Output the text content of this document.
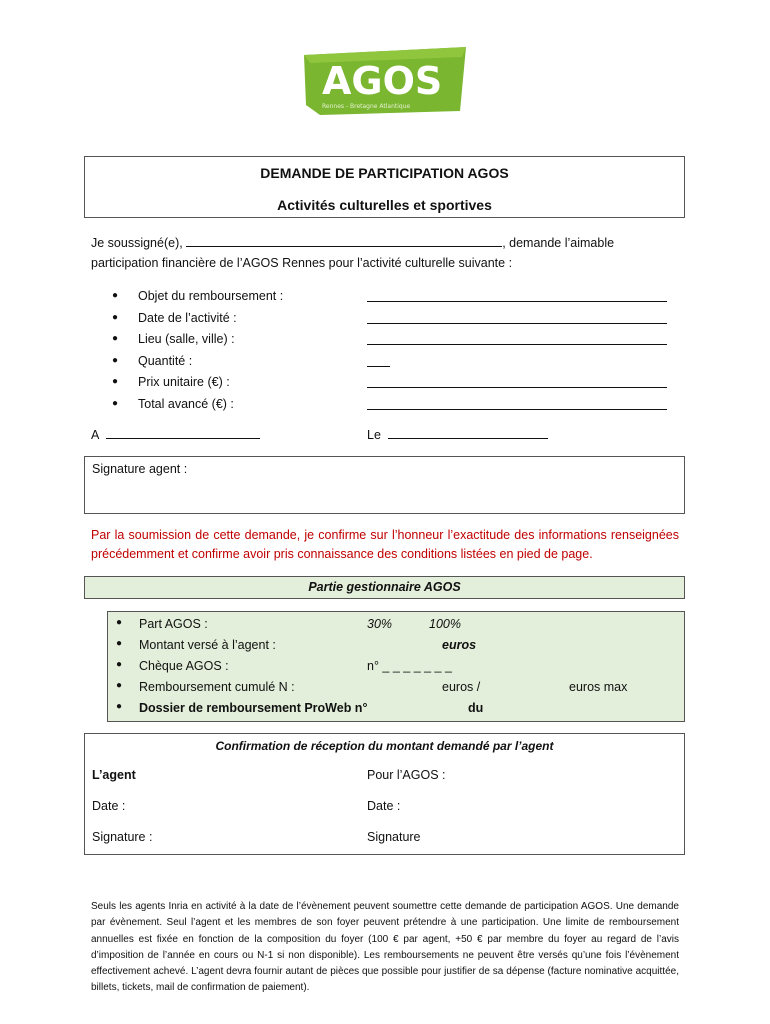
AGOS
Rennes - Bretagne Atlantique
DEMANDE DE PARTICIPATION AGOS
Activités culturelles et sportives
Je soussigné(e),	, demande l’aimable
participation financière de l’AGOS Rennes pour l’activité culturelle suivante :
● Objet du remboursement :
● Date de l’activité :
● Lieu (salle, ville) :
● Quantité :
● Prix unitaire (€) :
● Total avancé (€) :
A	Le
Signature agent :
Par la soumission de cette demande, je confirme sur l’honneur l’exactitude des informations renseignées précédemment et confirme avoir pris connaissance des conditions listées en pied de page.
Partie gestionnaire AGOS
● Part AGOS :	30%	100%
● Montant versé à l’agent :	euros
● Chèque AGOS :	n° _ _ _ _ _ _ _
● Remboursement cumulé N :	euros /	euros max
● Dossier de remboursement ProWeb n°	du
Confirmation de réception du montant demandé par l’agent
L’agent	Pour l’AGOS :
Date :	Date :
Signature :	Signature
Seuls les agents Inria en activité à la date de l’évènement peuvent soumettre cette demande de participation AGOS. Une demande par évènement. Seul l’agent et les membres de son foyer peuvent prétendre à une participation. Une limite de remboursement annuelles est fixée en fonction de la composition du foyer (100 € par agent, +50 € par membre du foyer au regard de l’avis d’imposition de l’année en cours ou N-1 si non disponible). Les remboursements ne peuvent être versés qu’une fois l’évènement effectivement achevé. L’agent devra fournir autant de pièces que possible pour justifier de sa dépense (facture nominative acquittée, billets, tickets, mail de confirmation de paiement).
